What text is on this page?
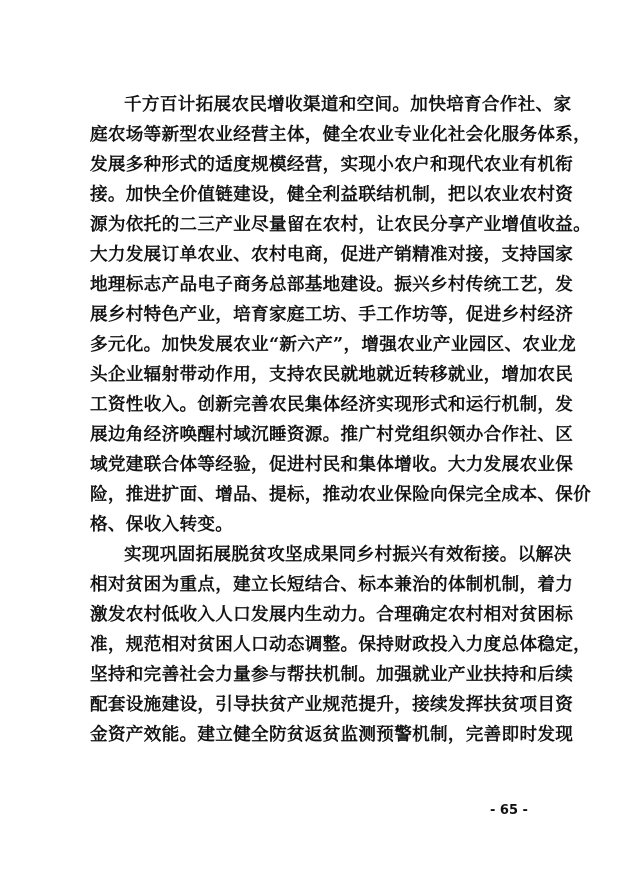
千方百计拓展农民增收渠道和空间。加快培育合作社、家
庭农场等新型农业经营主体，健全农业专业化社会化服务体系，
发展多种形式的适度规模经营，实现小农户和现代农业有机衔
接。加快全价值链建设，健全利益联结机制，把以农业农村资
源为依托的二三产业尽量留在农村，让农民分享产业增值收益。
大力发展订单农业、农村电商，促进产销精准对接，支持国家
地理标志产品电子商务总部基地建设。振兴乡村传统工艺，发
展乡村特色产业，培育家庭工坊、手工作坊等，促进乡村经济
多元化。加快发展农业“新六产”，增强农业产业园区、农业龙
头企业辐射带动作用，支持农民就地就近转移就业，增加农民
工资性收入。创新完善农民集体经济实现形式和运行机制，发
展边角经济唤醒村域沉睡资源。推广村党组织领办合作社、区
域党建联合体等经验，促进村民和集体增收。大力发展农业保
险，推进扩面、增品、提标，推动农业保险向保完全成本、保价
格、保收入转变。
实现巩固拓展脱贫攻坚成果同乡村振兴有效衔接。以解决
相对贫困为重点，建立长短结合、标本兼治的体制机制，着力
激发农村低收入人口发展内生动力。合理确定农村相对贫困标
准，规范相对贫困人口动态调整。保持财政投入力度总体稳定，
坚持和完善社会力量参与帮扶机制。加强就业产业扶持和后续
配套设施建设，引导扶贫产业规范提升，接续发挥扶贫项目资
金资产效能。建立健全防贫返贫监测预警机制，完善即时发现
- 65 -
